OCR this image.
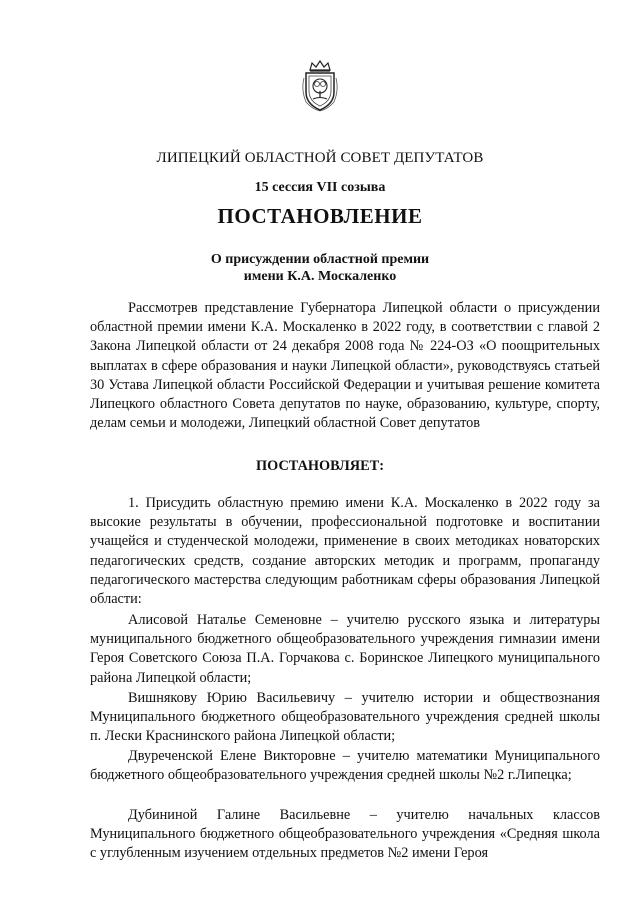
ЛИПЕЦКИЙ ОБЛАСТНОЙ СОВЕТ ДЕПУТАТОВ
15 сессия VII созыва
ПОСТАНОВЛЕНИЕ
О присуждении областной премии
имени К.А. Москаленко

Рассмотрев представление Губернатора Липецкой области о присуждении областной премии имени К.А. Москаленко в 2022 году, в соответствии с главой 2 Закона Липецкой области от 24 декабря 2008 года № 224-ОЗ «О поощрительных выплатах в сфере образования и науки Липецкой области», руководствуясь статьей 30 Устава Липецкой области Российской Федерации и учитывая решение комитета Липецкого областного Совета депутатов по науке, образованию, культуре, спорту, делам семьи и молодежи, Липецкий областной Совет депутатов

ПОСТАНОВЛЯЕТ:

1. Присудить областную премию имени К.А. Москаленко в 2022 году за высокие результаты в обучении, профессиональной подготовке и воспитании учащейся и студенческой молодежи, применение в своих методиках новаторских педагогических средств, создание авторских методик и программ, пропаганду педагогического мастерства следующим работникам сферы образования Липецкой области:

Алисовой Наталье Семеновне – учителю русского языка и литературы муниципального бюджетного общеобразовательного учреждения гимназии имени Героя Советского Союза П.А. Горчакова с. Боринское Липецкого муниципального района Липецкой области;

Вишнякову Юрию Васильевичу – учителю истории и обществознания Муниципального бюджетного общеобразовательного учреждения средней школы п. Лески Краснинского района Липецкой области;

Двуреченской Елене Викторовне – учителю математики Муниципального бюджетного общеобразовательного учреждения средней школы №2 г.Липецка;

Дубининой Галине Васильевне – учителю начальных классов Муниципального бюджетного общеобразовательного учреждения «Средняя школа с углубленным изучением отдельных предметов №2 имени Героя
